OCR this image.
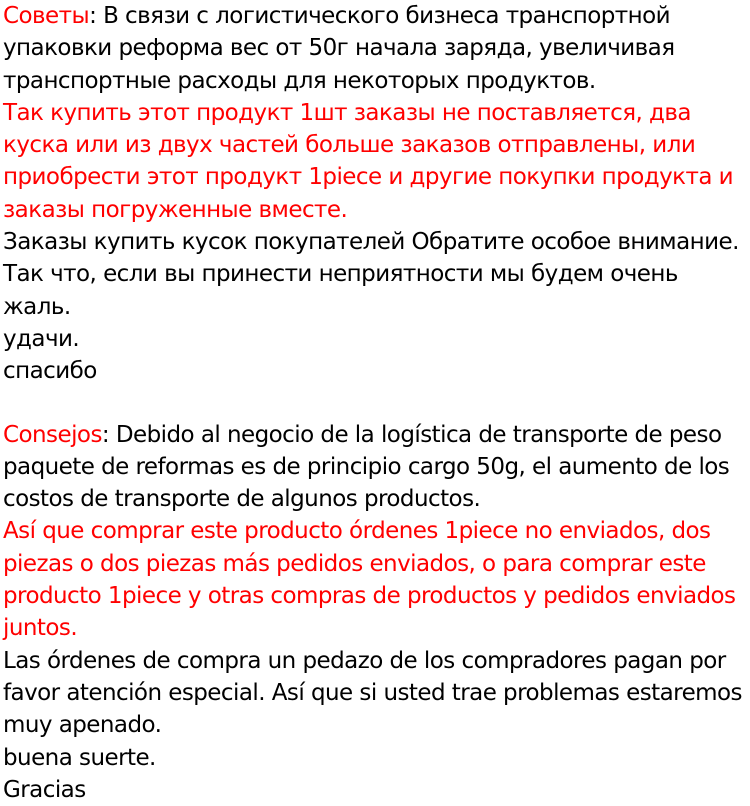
Советы: В связи с логистического бизнеса транспортной упаковки реформа вес от 50г начала заряда, увеличивая транспортные расходы для некоторых продуктов.

Так купить этот продукт 1шт заказы не поставляется, два куска или из двух частей больше заказов отправлены, или приобрести этот продукт 1piece и другие покупки продукта и заказы погруженные вместе.

Заказы купить кусок покупателей Обратите особое внимание. Так что, если вы принести неприятности мы будем очень жаль.

удачи.

спасибо

Consejos: Debido al negocio de la logística de transporte de peso paquete de reformas es de principio cargo 50g, el aumento de los costos de transporte de algunos productos.

Así que comprar este producto órdenes 1piece no enviados, dos piezas o dos piezas más pedidos enviados, o para comprar este producto 1piece y otras compras de productos y pedidos enviados juntos.

Las órdenes de compra un pedazo de los compradores pagan por favor atención especial. Así que si usted trae problemas estaremos muy apenado.

buena suerte.

Gracias
